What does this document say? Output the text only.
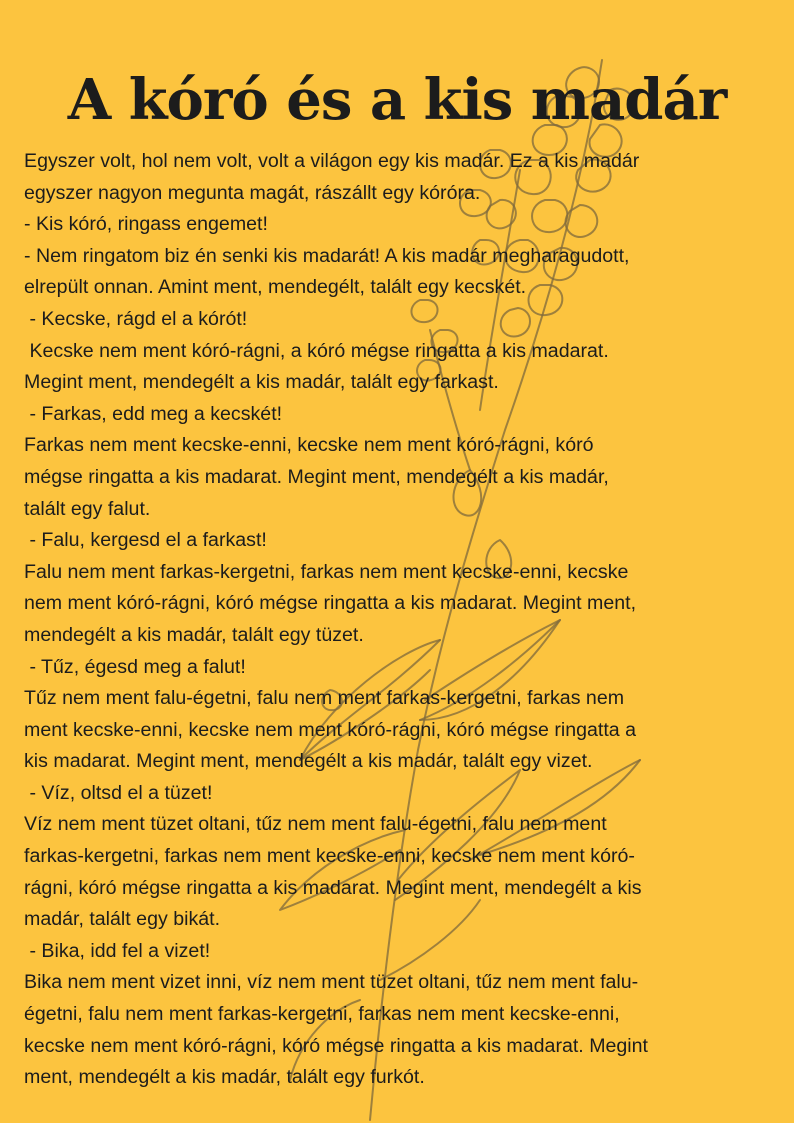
A kóró és a kis madár
Egyszer volt, hol nem volt, volt a világon egy kis madár. Ez a kis madár
egyszer nagyon megunta magát, rászállt egy kóróra.
- Kis kóró, ringass engemet!
- Nem ringatom biz én senki kis madarát! A kis madár megharagudott,
elrepült onnan. Amint ment, mendegélt, talált egy kecskét.
- Kecske, rágd el a kórót!
Kecske nem ment kóró-rágni, a kóró mégse ringatta a kis madarat.
Megint ment, mendegélt a kis madár, talált egy farkast.
- Farkas, edd meg a kecskét!
Farkas nem ment kecske-enni, kecske nem ment kóró-rágni, kóró
mégse ringatta a kis madarat. Megint ment, mendegélt a kis madár,
talált egy falut.
- Falu, kergesd el a farkast!
Falu nem ment farkas-kergetni, farkas nem ment kecske-enni, kecske
nem ment kóró-rágni, kóró mégse ringatta a kis madarat. Megint ment,
mendegélt a kis madár, talált egy tüzet.
- Tűz, égesd meg a falut!
Tűz nem ment falu-égetni, falu nem ment farkas-kergetni, farkas nem
ment kecske-enni, kecske nem ment kóró-rágni, kóró mégse ringatta a
kis madarat. Megint ment, mendegélt a kis madár, talált egy vizet.
- Víz, oltsd el a tüzet!
Víz nem ment tüzet oltani, tűz nem ment falu-égetni, falu nem ment
farkas-kergetni, farkas nem ment kecske-enni, kecske nem ment kóró-
rágni, kóró mégse ringatta a kis madarat. Megint ment, mendegélt a kis
madár, talált egy bikát.
- Bika, idd fel a vizet!
Bika nem ment vizet inni, víz nem ment tüzet oltani, tűz nem ment falu-
égetni, falu nem ment farkas-kergetni, farkas nem ment kecske-enni,
kecske nem ment kóró-rágni, kóró mégse ringatta a kis madarat. Megint
ment, mendegélt a kis madár, talált egy furkót.
